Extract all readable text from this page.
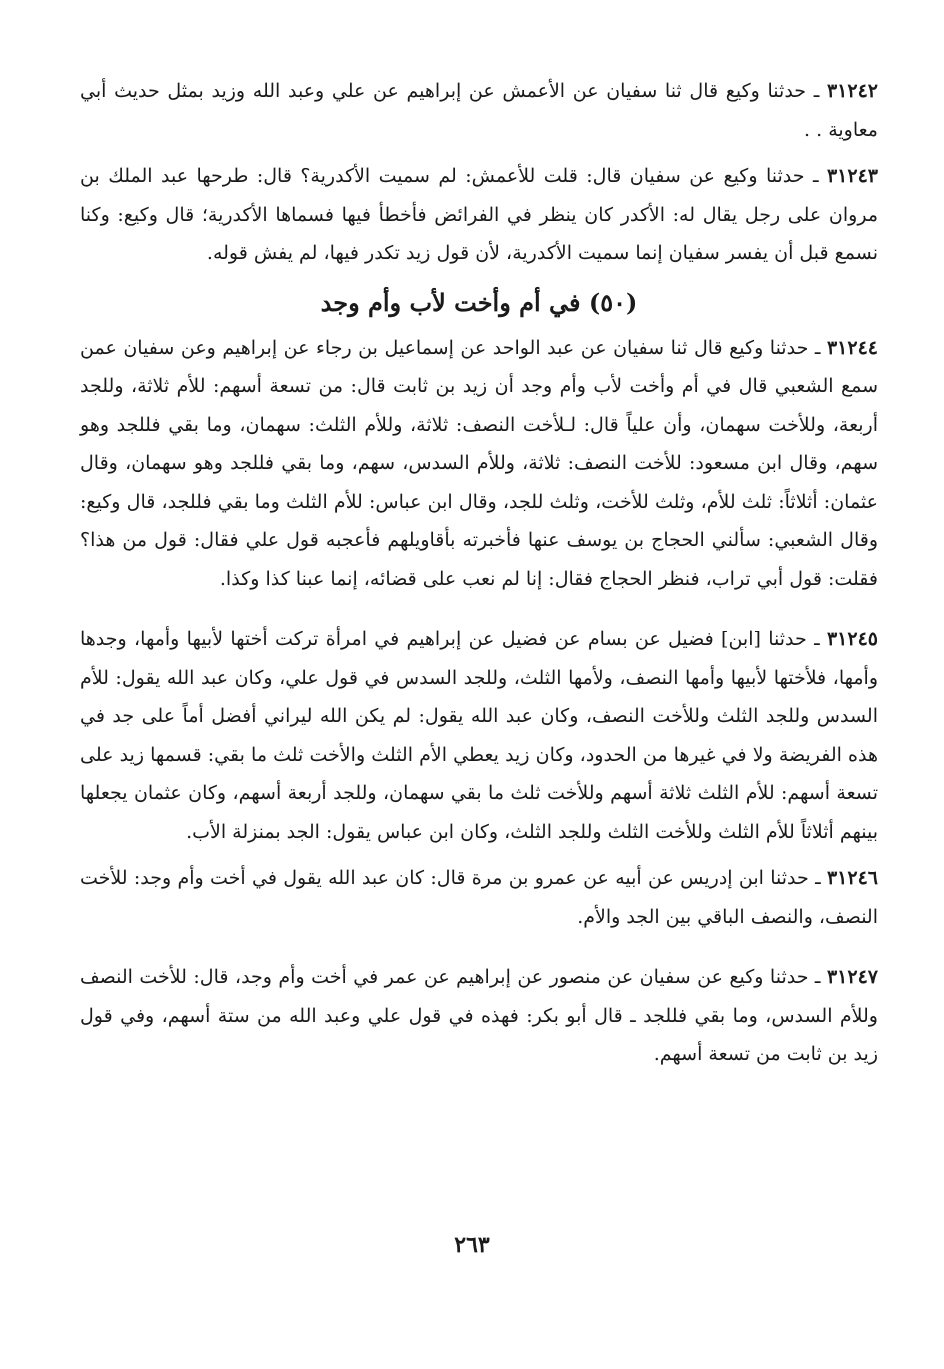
٣١٢٤٢ ـ حدثنا وكيع قال ثنا سفيان عن الأعمش عن إبراهيم عن علي وعبد الله وزيد بمثل حديث أبي معاوية . .

٣١٢٤٣ ـ حدثنا وكيع عن سفيان قال: قلت للأعمش: لم سميت الأكدرية؟ قال: طرحها عبد الملك بن مروان على رجل يقال له: الأكدر كان ينظر في الفرائض فأخطأ فيها فسماها الأكدرية؛ قال وكيع: وكنا نسمع قبل أن يفسر سفيان إنما سميت الأكدرية، لأن قول زيد تكدر فيها، لم يفش قوله.

(٥٠) في أم وأخت لأب وأم وجد

٣١٢٤٤ ـ حدثنا وكيع قال ثنا سفيان عن عبد الواحد عن إسماعيل بن رجاء عن إبراهيم وعن سفيان عمن سمع الشعبي قال في أم وأخت لأب وأم وجد أن زيد بن ثابت قال: من تسعة أسهم: للأم ثلاثة، وللجد أربعة، وللأخت سهمان، وأن علياً قال: لـلأخت النصف: ثلاثة، وللأم الثلث: سهمان، وما بقي فللجد وهو سهم، وقال ابن مسعود: للأخت النصف: ثلاثة، وللأم السدس، سهم، وما بقي فللجد وهو سهمان، وقال عثمان: أثلاثاً: ثلث للأم، وثلث للأخت، وثلث للجد، وقال ابن عباس: للأم الثلث وما بقي فللجد، قال وكيع: وقال الشعبي: سألني الحجاج بن يوسف عنها فأخبرته بأقاويلهم فأعجبه قول علي فقال: قول من هذا؟ فقلت: قول أبي تراب، فنظر الحجاج فقال: إنا لم نعب على قضائه، إنما عبنا كذا وكذا.

٣١٢٤٥ ـ حدثنا [ابن] فضيل عن بسام عن فضيل عن إبراهيم في امرأة تركت أختها لأبيها وأمها، وجدها وأمها، فلأختها لأبيها وأمها النصف، ولأمها الثلث، وللجد السدس في قول علي، وكان عبد الله يقول: للأم السدس وللجد الثلث وللأخت النصف، وكان عبد الله يقول: لم يكن الله ليراني أفضل أماً على جد في هذه الفريضة ولا في غيرها من الحدود، وكان زيد يعطي الأم الثلث والأخت ثلث ما بقي: قسمها زيد على تسعة أسهم: للأم الثلث ثلاثة أسهم وللأخت ثلث ما بقي سهمان، وللجد أربعة أسهم، وكان عثمان يجعلها بينهم أثلاثاً للأم الثلث وللأخت الثلث وللجد الثلث، وكان ابن عباس يقول: الجد بمنزلة الأب.

٣١٢٤٦ ـ حدثنا ابن إدريس عن أبيه عن عمرو بن مرة قال: كان عبد الله يقول في أخت وأم وجد: للأخت النصف، والنصف الباقي بين الجد والأم.

٣١٢٤٧ ـ حدثنا وكيع عن سفيان عن منصور عن إبراهيم عن عمر في أخت وأم وجد، قال: للأخت النصف وللأم السدس، وما بقي فللجد ـ قال أبو بكر: فهذه في قول علي وعبد الله من ستة أسهم، وفي قول زيد بن ثابت من تسعة أسهم.

٢٦٣
